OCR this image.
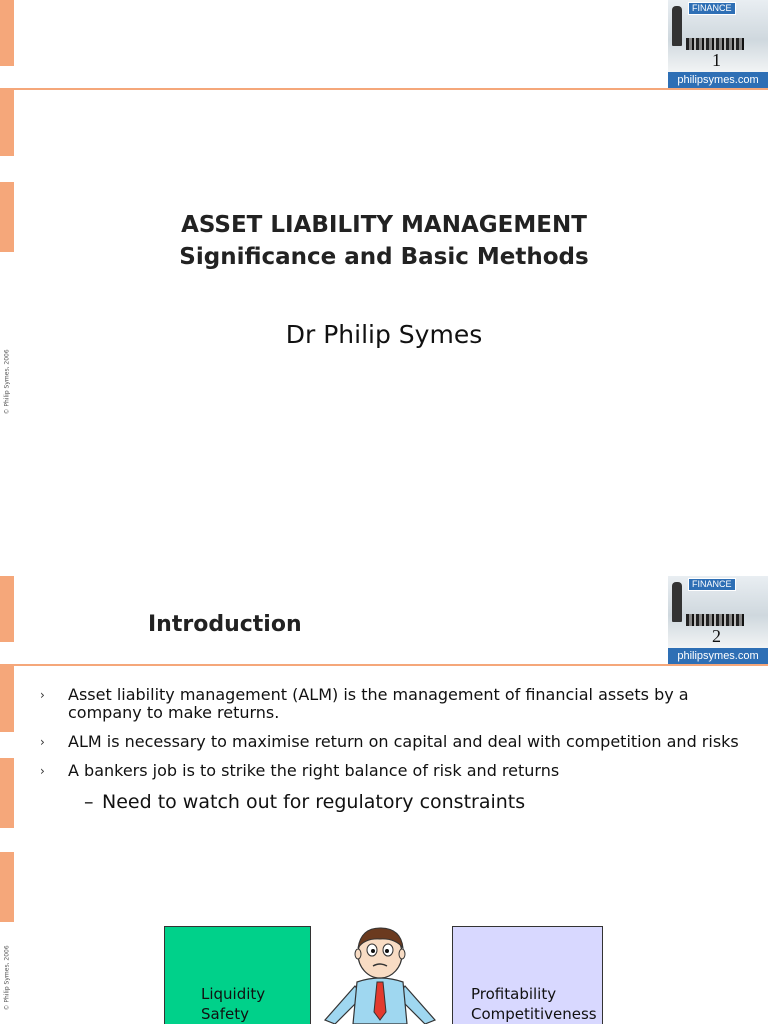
© Philip Symes, 2006
FINANCE
1
philipsymes.com
ASSET LIABILITY MANAGEMENT
Significance and Basic Methods
Dr Philip Symes
© Philip Symes, 2006
FINANCE
2
philipsymes.com
Introduction
› Asset liability management (ALM) is the management of financial assets by a company to make returns.
› ALM is necessary to maximise return on capital and deal with competition and risks
› A bankers job is to strike the right balance of risk and returns
– Need to watch out for regulatory constraints
Liquidity
Safety
Profitability
Competitiveness
